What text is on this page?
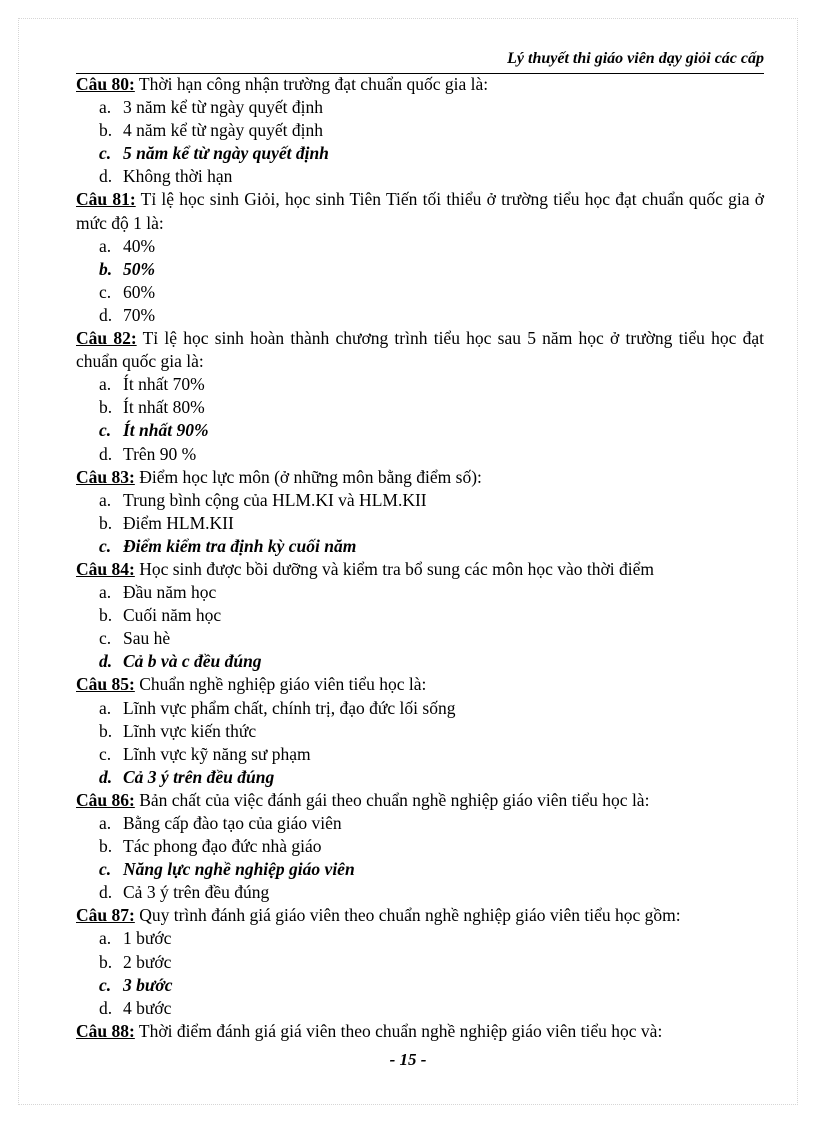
Lý thuyết thi giáo viên dạy giỏi các cấp
Câu 80: Thời hạn công nhận trường đạt chuẩn quốc gia là:
a. 3 năm kể từ ngày quyết định
b. 4 năm kể từ ngày quyết định
c. 5 năm kể từ ngày quyết định
d. Không thời hạn
Câu 81: Tỉ lệ học sinh Giỏi, học sinh Tiên Tiến tối thiểu ở trường tiểu học đạt chuẩn quốc gia ở mức độ 1 là:
a. 40%
b. 50%
c. 60%
d. 70%
Câu 82: Tỉ lệ học sinh hoàn thành chương trình tiểu học sau 5 năm học ở trường tiểu học đạt chuẩn quốc gia là:
a. Ít nhất 70%
b. Ít nhất 80%
c. Ít nhất 90%
d. Trên 90 %
Câu 83: Điểm học lực môn (ở những môn bằng điểm số):
a. Trung bình cộng của HLM.KI và HLM.KII
b. Điểm HLM.KII
c. Điểm kiểm tra định kỳ cuối năm
Câu 84: Học sinh được bồi dưỡng và kiểm tra bổ sung các môn học vào thời điểm
a. Đầu năm học
b. Cuối năm học
c. Sau hè
d. Cả b và c đều đúng
Câu 85: Chuẩn nghề nghiệp giáo viên tiểu học là:
a. Lĩnh vực phẩm chất, chính trị, đạo đức lối sống
b. Lĩnh vực kiến thức
c. Lĩnh vực kỹ năng sư phạm
d. Cả 3 ý trên đều đúng
Câu 86: Bản chất của việc đánh gái theo chuẩn nghề nghiệp giáo viên tiểu học là:
a. Bằng cấp đào tạo của giáo viên
b. Tác phong đạo đức nhà giáo
c. Năng lực nghề nghiệp giáo viên
d. Cả 3 ý trên đều đúng
Câu 87: Quy trình đánh giá giáo viên theo chuẩn nghề nghiệp giáo viên tiểu học gồm:
a. 1 bước
b. 2 bước
c. 3 bước
d. 4 bước
Câu 88: Thời điểm đánh giá giá viên theo chuẩn nghề nghiệp giáo viên tiểu học và:
- 15 -
